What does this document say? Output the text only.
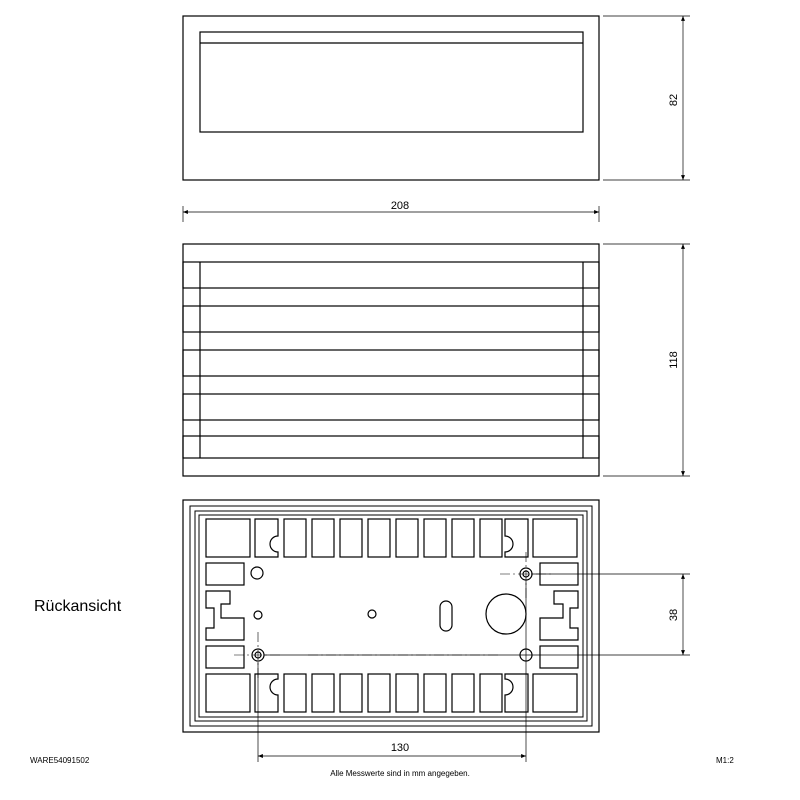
82
208
118
38
130
Rückansicht
WARE54091502	M1:2
Alle Messwerte sind in mm angegeben.
